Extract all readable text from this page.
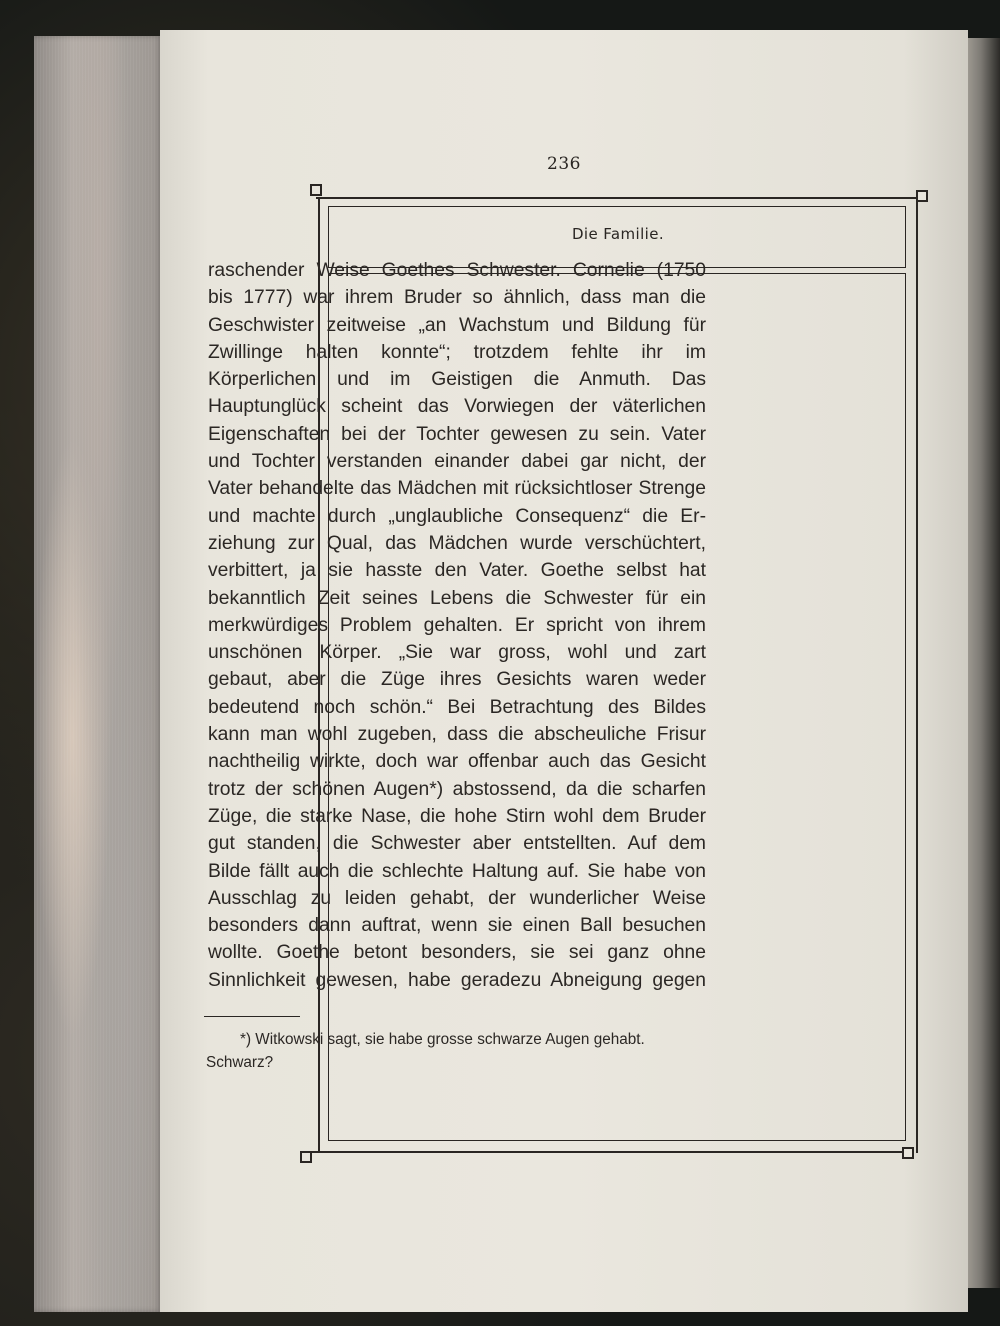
236
Die Familie.
raschender Weise Goethes Schwester. Cornelie (1750
bis 1777) war ihrem Bruder so ähnlich, dass man die
Geschwister zeitweise „an Wachstum und Bildung für
Zwillinge halten konnte“; trotzdem fehlte ihr im
Körperlichen und im Geistigen die Anmuth. Das
Hauptunglück scheint das Vorwiegen der väterlichen
Eigenschaften bei der Tochter gewesen zu sein. Vater
und Tochter verstanden einander dabei gar nicht, der
Vater behandelte das Mädchen mit rücksichtloser Strenge
und machte durch „unglaubliche Consequenz“ die Er-
ziehung zur Qual, das Mädchen wurde verschüchtert,
verbittert, ja sie hasste den Vater. Goethe selbst hat
bekanntlich Zeit seines Lebens die Schwester für ein
merkwürdiges Problem gehalten. Er spricht von ihrem
unschönen Körper. „Sie war gross, wohl und zart
gebaut, aber die Züge ihres Gesichts waren weder
bedeutend noch schön.“ Bei Betrachtung des Bildes
kann man wohl zugeben, dass die abscheuliche Frisur
nachtheilig wirkte, doch war offenbar auch das Gesicht
trotz der schönen Augen*) abstossend, da die scharfen
Züge, die starke Nase, die hohe Stirn wohl dem Bruder
gut standen, die Schwester aber entstellten. Auf dem
Bilde fällt auch die schlechte Haltung auf. Sie habe von
Ausschlag zu leiden gehabt, der wunderlicher Weise
besonders dann auftrat, wenn sie einen Ball besuchen
wollte. Goethe betont besonders, sie sei ganz ohne
Sinnlichkeit gewesen, habe geradezu Abneigung gegen
*) Witkowski sagt, sie habe grosse schwarze Augen gehabt.
Schwarz?
